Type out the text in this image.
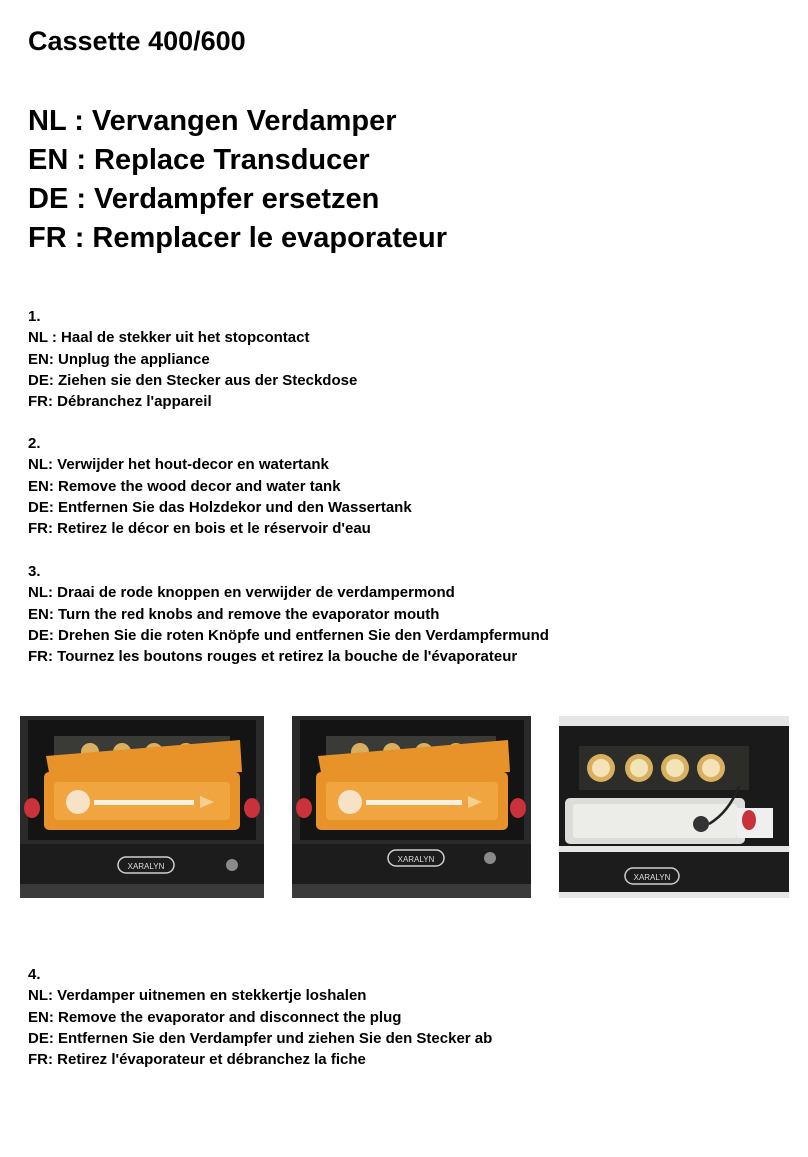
Cassette 400/600
NL : Vervangen Verdamper
EN : Replace Transducer
DE : Verdampfer ersetzen
FR : Remplacer le evaporateur
1.
NL : Haal de stekker uit het stopcontact
EN: Unplug the appliance
DE: Ziehen sie den Stecker aus der Steckdose
FR: Débranchez l'appareil
2.
NL: Verwijder het hout-decor en watertank
EN: Remove the wood decor and water tank
DE: Entfernen Sie das Holzdekor und den Wassertank
FR: Retirez le décor en bois et le réservoir d'eau
3.
NL: Draai de rode knoppen en verwijder de verdampermond
EN: Turn the red knobs and remove the evaporator mouth
DE: Drehen Sie die roten Knöpfe und entfernen Sie den Verdampfermund
FR: Tournez les boutons rouges et retirez la bouche de l'évaporateur
XARALYN
XARALYN
XARALYN
4.
NL: Verdamper uitnemen en stekkertje loshalen
EN: Remove the evaporator and disconnect the plug
DE: Entfernen Sie den Verdampfer und ziehen Sie den Stecker ab
FR: Retirez l'évaporateur et débranchez la fiche
